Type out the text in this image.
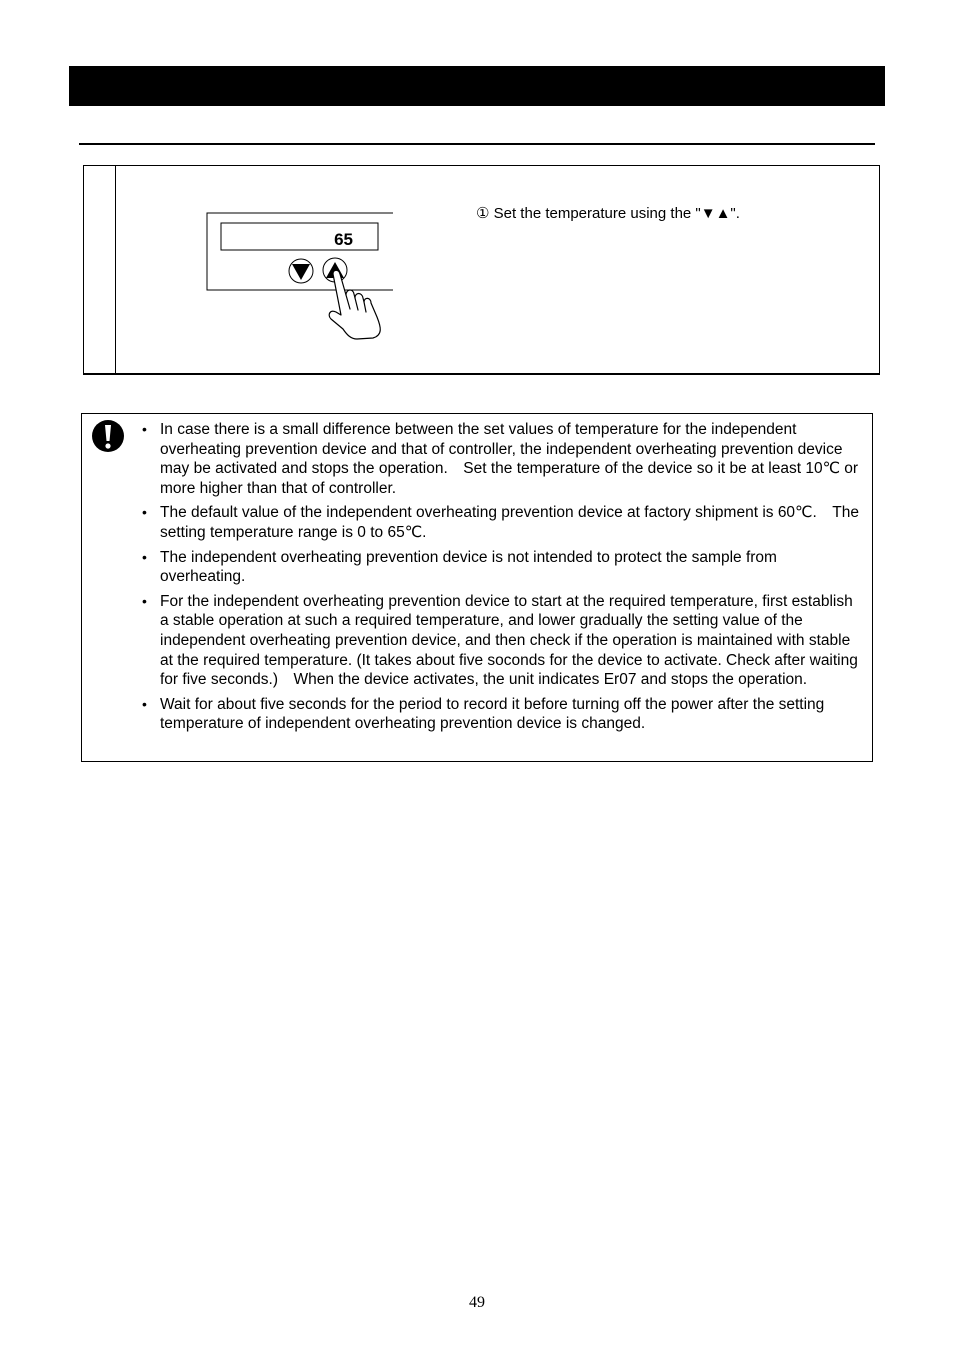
65
① Set the temperature using the "▼▲".
• In case there is a small difference between the set values of temperature for the independent overheating prevention device and that of controller, the independent overheating prevention device may be activated and stops the operation.　Set the temperature of the device so it be at least 10℃ or more higher than that of controller.
• The default value of the independent overheating prevention device at factory shipment is 60℃.　The setting temperature range is 0 to 65℃.
• The independent overheating prevention device is not intended to protect the sample from overheating.
• For the independent overheating prevention device to start at the required temperature, first establish a stable operation at such a required temperature, and lower gradually the setting value of the independent overheating prevention device, and then check if the operation is maintained with stable at the required temperature. (It takes about five soconds for the device to activate. Check after waiting for five seconds.)　When the device activates, the unit indicates Er07 and stops the operation.
• Wait for about five seconds for the period to record it before turning off the power after the setting temperature of independent overheating prevention device is changed.
49
